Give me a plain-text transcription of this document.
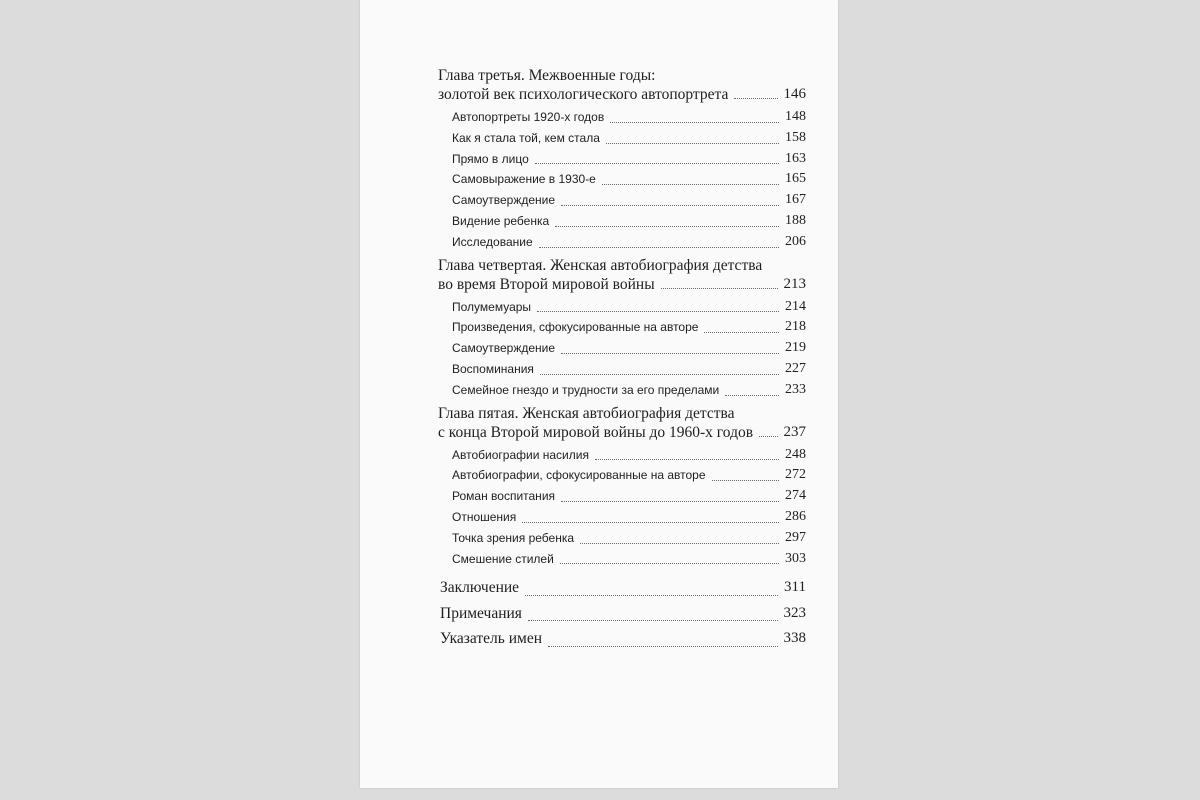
Глава третья. Межвоенные годы:
золотой век психологического автопортрета	146
Автопортреты 1920-х годов	148
Как я стала той, кем стала	158
Прямо в лицо	163
Самовыражение в 1930-е	165
Самоутверждение	167
Видение ребенка	188
Исследование	206
Глава четвертая. Женская автобиография детства
во время Второй мировой войны	213
Полумемуары	214
Произведения, сфокусированные на авторе	218
Самоутверждение	219
Воспоминания	227
Семейное гнездо и трудности за его пределами	233
Глава пятая. Женская автобиография детства
с конца Второй мировой войны до 1960-х годов 237
Автобиографии насилия	248
Автобиографии, сфокусированные на авторе	272
Роман воспитания	274
Отношения	286
Точка зрения ребенка	297
Смешение стилей	303
Заключение	311
Примечания	323
Указатель имен	338
